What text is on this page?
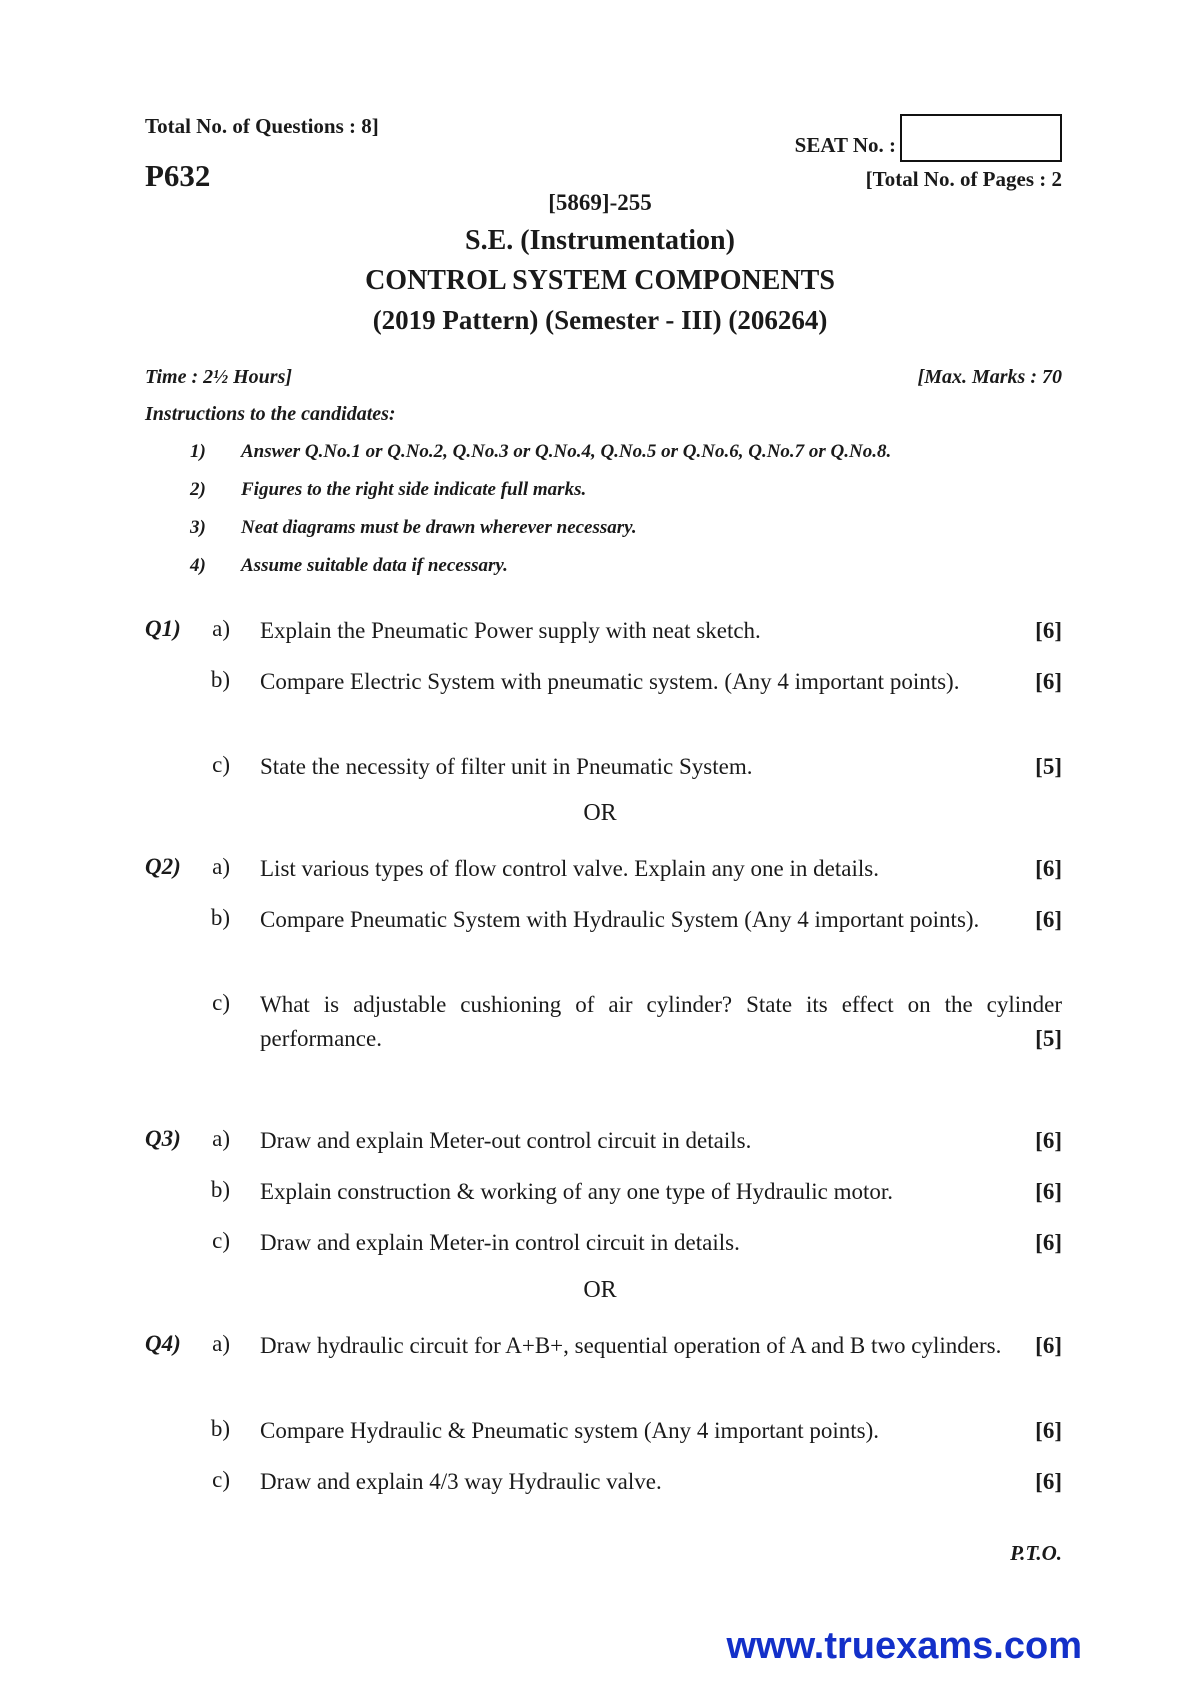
Total No. of Questions : 8]
SEAT No. :
P632	[Total No. of Pages : 2
[5869]-255
S.E. (Instrumentation)
CONTROL SYSTEM COMPONENTS
(2019 Pattern) (Semester - III) (206264)
Time : 2½ Hours]	[Max. Marks : 70
Instructions to the candidates:
1) Answer Q.No.1 or Q.No.2, Q.No.3 or Q.No.4, Q.No.5 or Q.No.6, Q.No.7 or Q.No.8.
2) Figures to the right side indicate full marks.
3) Neat diagrams must be drawn wherever necessary.
4) Assume suitable data if necessary.
Q1)	a) Explain the Pneumatic Power supply with neat sketch.	[6]
b) Compare Electric System with pneumatic system. (Any 4 important points).	[6]
c) State the necessity of filter unit in Pneumatic System.	[5]
OR
Q2)	a) List various types of flow control valve. Explain any one in details.	[6]
b) Compare Pneumatic System with Hydraulic System (Any 4 important points). [6]
c) What is adjustable cushioning of air cylinder? State its effect on the cylinder performance.	[5]
Q3)	a) Draw and explain Meter-out control circuit in details.	[6]
b) Explain construction & working of any one type of Hydraulic motor.	[6]
c) Draw and explain Meter-in control circuit in details.	[6]
OR
Q4)	a) Draw hydraulic circuit for A+B+, sequential operation of A and B two cylinders. [6]
b) Compare Hydraulic & Pneumatic system (Any 4 important points).	[6]
c) Draw and explain 4/3 way Hydraulic valve.	[6]
P.T.O.
www.truexams.com
